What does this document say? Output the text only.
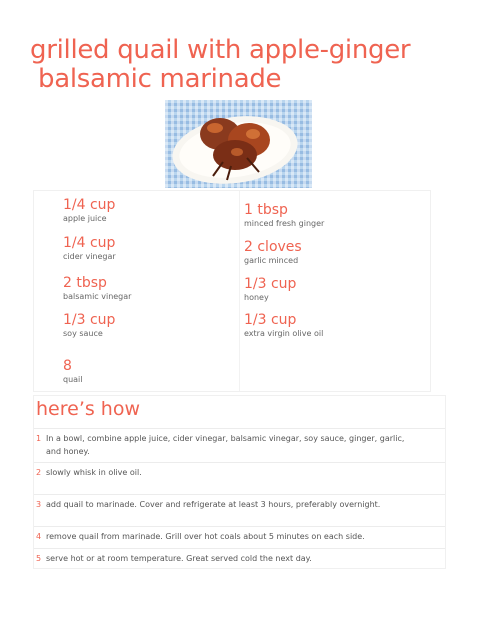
grilled quail with apple-ginger
balsamic marinade
1/4 cup
apple juice
1/4 cup
cider vinegar
2 tbsp
balsamic vinegar
1/3 cup
soy sauce
8
quail
1 tbsp
minced fresh ginger
2 cloves
garlic minced
1/3 cup
honey
1/3 cup
extra virgin olive oil
1 In a bowl, combine apple juice, cider vinegar, balsamic vinegar, soy sauce, ginger, garlic, and honey.
2 slowly whisk in olive oil.
3 add quail to marinade. Cover and refrigerate at least 3 hours, preferably overnight.
4 remove quail from marinade. Grill over hot coals about 5 minutes on each side.
5 serve hot or at room temperature. Great served cold the next day.
here’s how
